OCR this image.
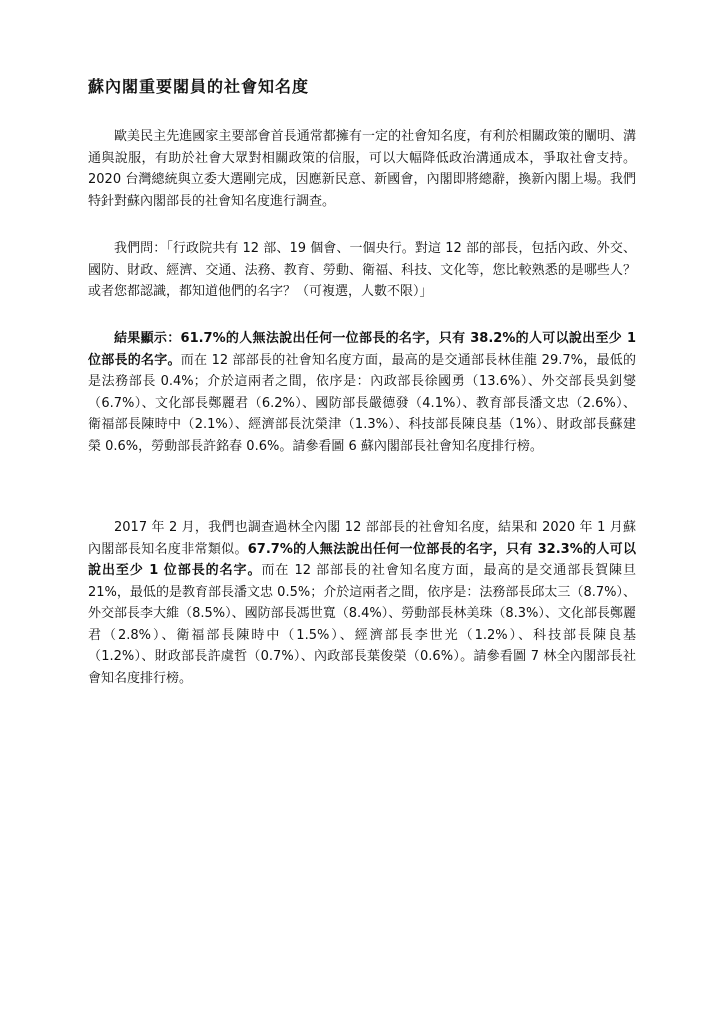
蘇內閣重要閣員的社會知名度

歐美民主先進國家主要部會首長通常都擁有一定的社會知名度，有利於相關政策的闡明、溝通與說服，有助於社會大眾對相關政策的信服，可以大幅降低政治溝通成本，爭取社會支持。2020 台灣總統與立委大選剛完成，因應新民意、新國會，內閣即將總辭，換新內閣上場。我們特針對蘇內閣部長的社會知名度進行調查。

我們問：「行政院共有 12 部、19 個會、一個央行。對這 12 部的部長，包括內政、外交、國防、財政、經濟、交通、法務、教育、勞動、衛福、科技、文化等，您比較熟悉的是哪些人？或者您都認識，都知道他們的名字？（可複選，人數不限）」

結果顯示：61.7%的人無法說出任何一位部長的名字，只有 38.2%的人可以說出至少 1 位部長的名字。而在 12 部部長的社會知名度方面，最高的是交通部長林佳龍 29.7%，最低的是法務部長 0.4%；介於這兩者之間，依序是：內政部長徐國勇（13.6%）、外交部長吳釗燮（6.7%）、文化部長鄭麗君（6.2%）、國防部長嚴德發（4.1%）、教育部長潘文忠（2.6%）、衛福部長陳時中（2.1%）、經濟部長沈榮津（1.3%）、科技部長陳良基（1%）、財政部長蘇建榮 0.6%，勞動部長許銘春 0.6%。請參看圖 6 蘇內閣部長社會知名度排行榜。

2017 年 2 月，我們也調查過林全內閣 12 部部長的社會知名度，結果和 2020 年 1 月蘇內閣部長知名度非常類似。67.7%的人無法說出任何一位部長的名字，只有 32.3%的人可以說出至少 1 位部長的名字。而在 12 部部長的社會知名度方面，最高的是交通部長賀陳旦 21%，最低的是教育部長潘文忠 0.5%；介於這兩者之間，依序是：法務部長邱太三（8.7%）、外交部長李大維（8.5%）、國防部長馮世寬（8.4%）、勞動部長林美珠（8.3%）、文化部長鄭麗君（2.8%）、衛福部長陳時中（1.5%）、經濟部長李世光（1.2%）、科技部長陳良基（1.2%）、財政部長許虞哲（0.7%）、內政部長葉俊榮（0.6%）。請參看圖 7 林全內閣部長社會知名度排行榜。
